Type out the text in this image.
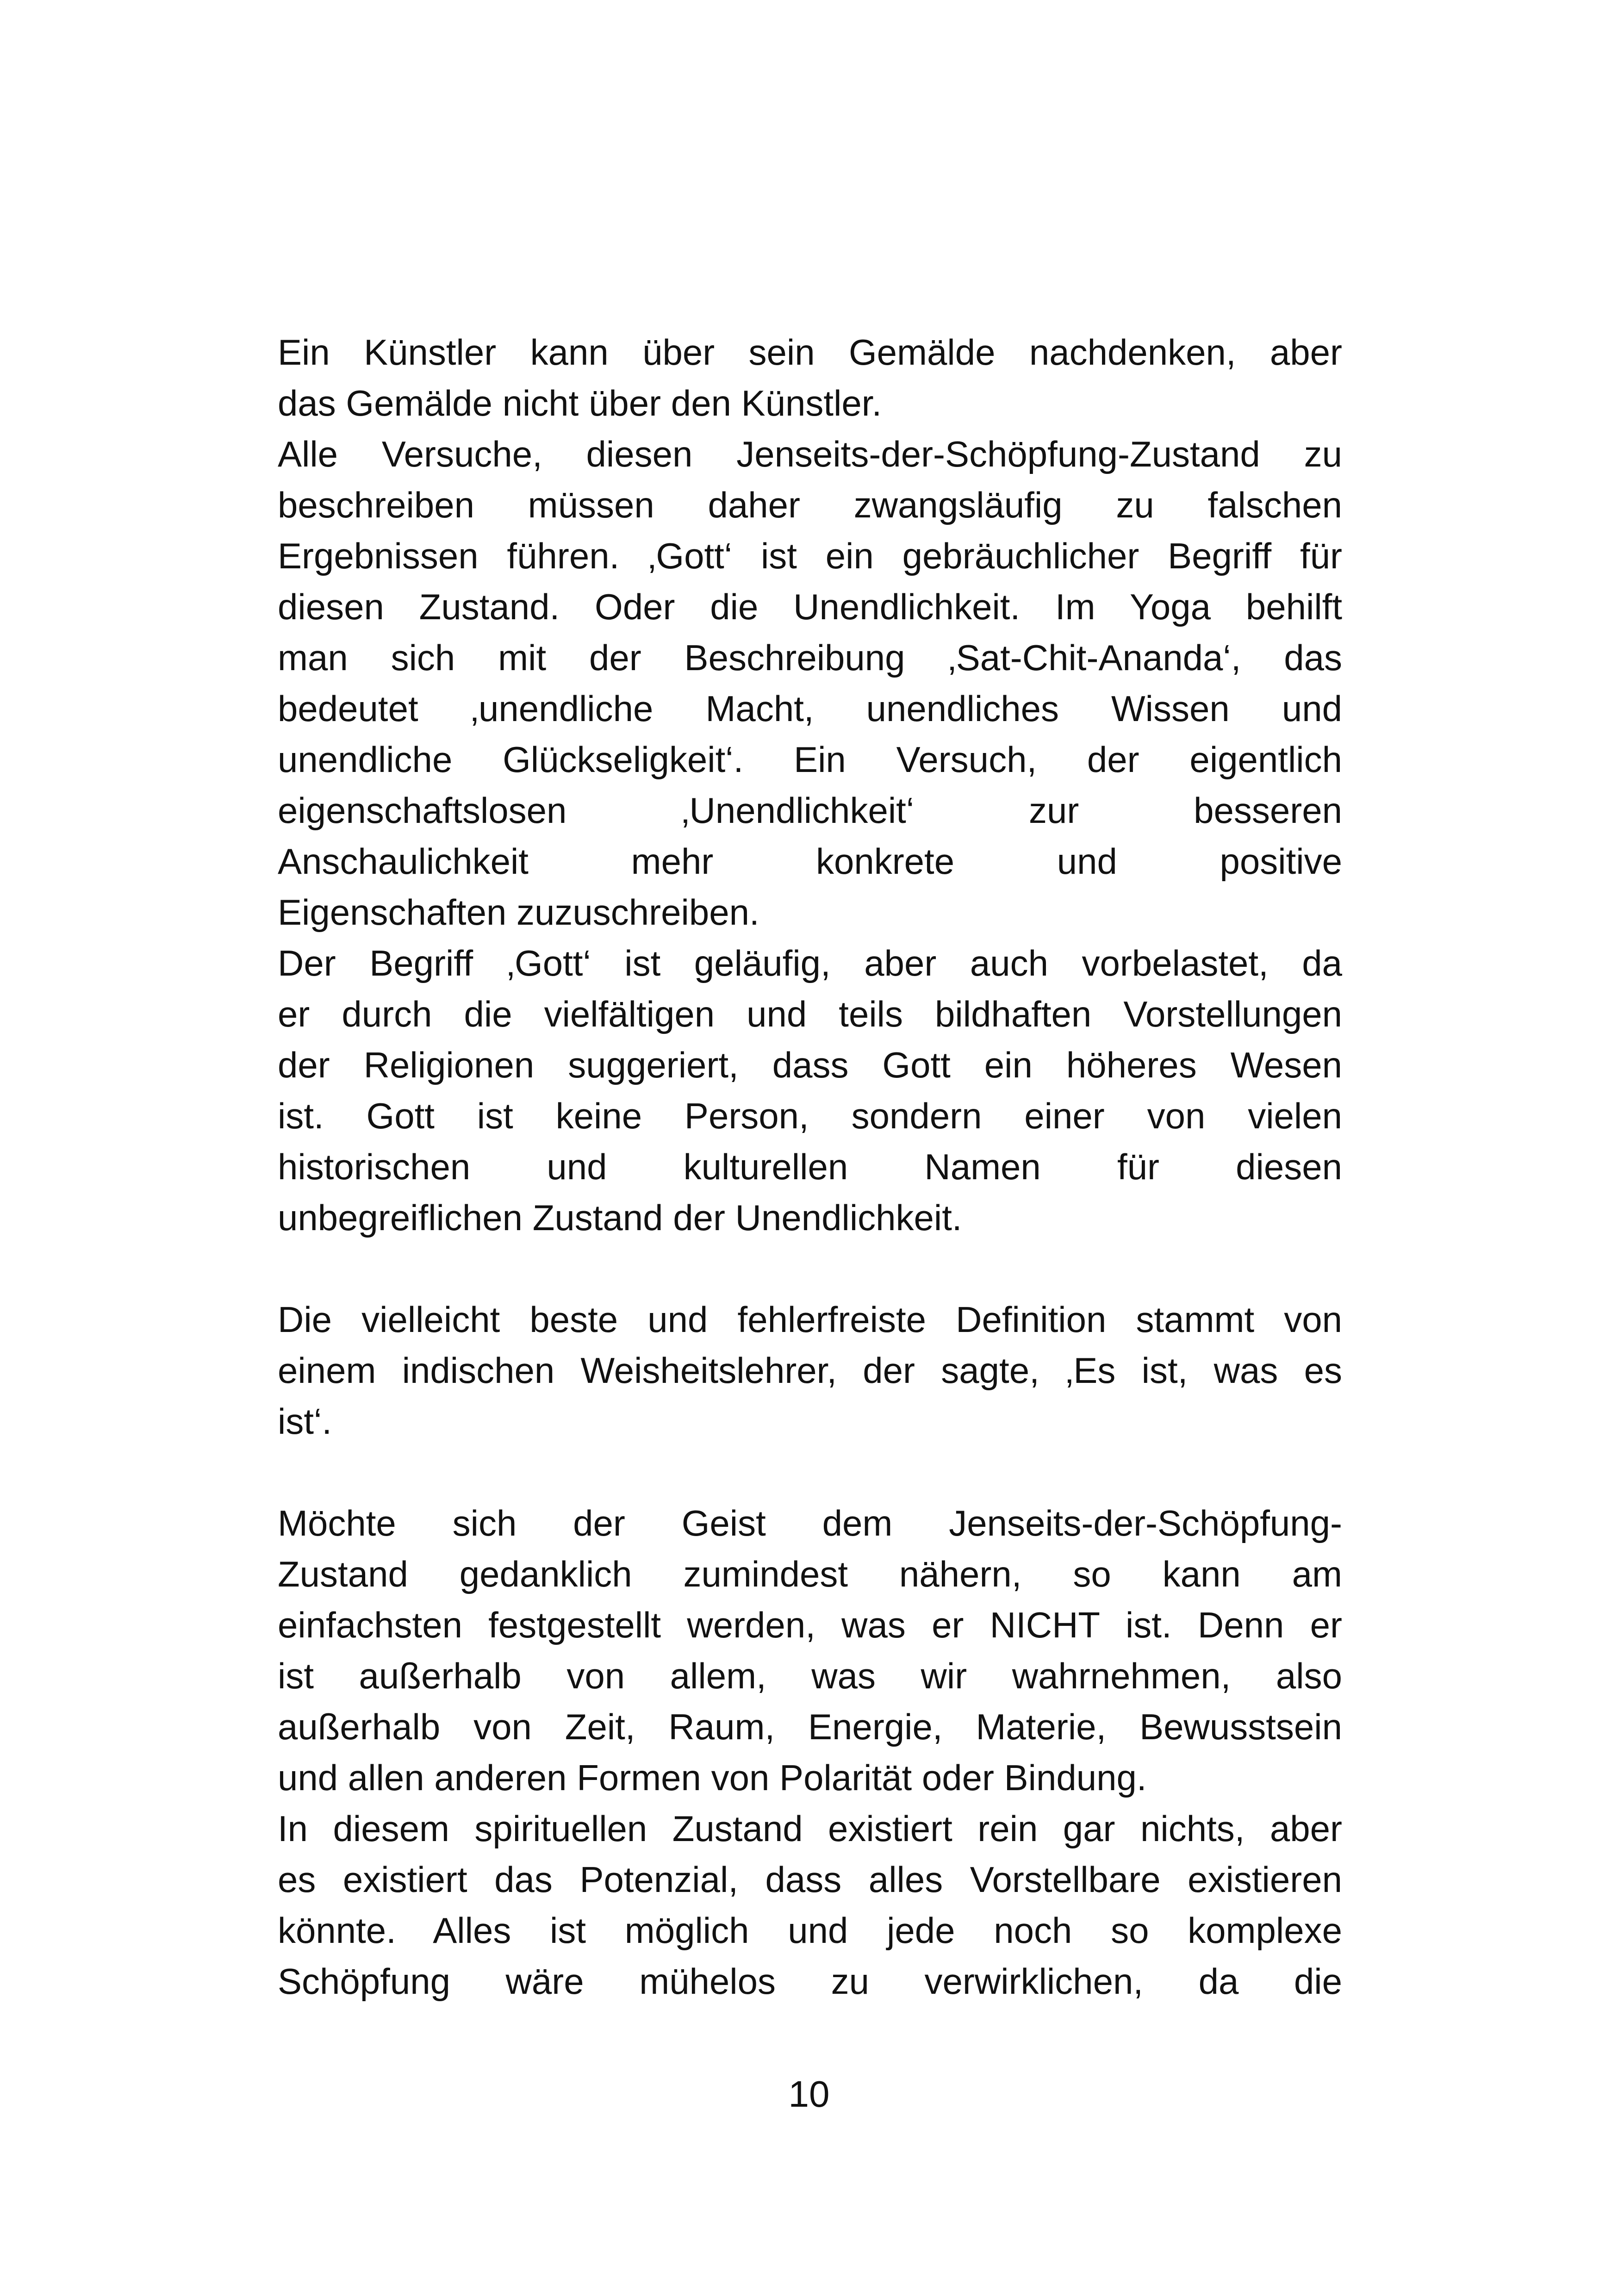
Ein Künstler kann über sein Gemälde nachdenken, aber
das Gemälde nicht über den Künstler.
Alle Versuche, diesen Jenseits-der-Schöpfung-Zustand zu
beschreiben müssen daher zwangsläufig zu falschen
Ergebnissen führen. ‚Gott‘ ist ein gebräuchlicher Begriff für
diesen Zustand. Oder die Unendlichkeit. Im Yoga behilft
man sich mit der Beschreibung ‚Sat-Chit-Ananda‘, das
bedeutet ‚unendliche Macht, unendliches Wissen und
unendliche Glückseligkeit‘. Ein Versuch, der eigentlich
eigenschaftslosen ‚Unendlichkeit‘ zur besseren
Anschaulichkeit mehr konkrete und positive
Eigenschaften zuzuschreiben.
Der Begriff ‚Gott‘ ist geläufig, aber auch vorbelastet, da
er durch die vielfältigen und teils bildhaften Vorstellungen
der Religionen suggeriert, dass Gott ein höheres Wesen
ist. Gott ist keine Person, sondern einer von vielen
historischen und kulturellen Namen für diesen
unbegreiflichen Zustand der Unendlichkeit.
Die vielleicht beste und fehlerfreiste Definition stammt von
einem indischen Weisheitslehrer, der sagte, ‚Es ist, was es
ist‘.
Möchte sich der Geist dem Jenseits-der-Schöpfung-
Zustand gedanklich zumindest nähern, so kann am
einfachsten festgestellt werden, was er NICHT ist. Denn er
ist außerhalb von allem, was wir wahrnehmen, also
außerhalb von Zeit, Raum, Energie, Materie, Bewusstsein
und allen anderen Formen von Polarität oder Bindung.
In diesem spirituellen Zustand existiert rein gar nichts, aber
es existiert das Potenzial, dass alles Vorstellbare existieren
könnte. Alles ist möglich und jede noch so komplexe
Schöpfung wäre mühelos zu verwirklichen, da die
10
